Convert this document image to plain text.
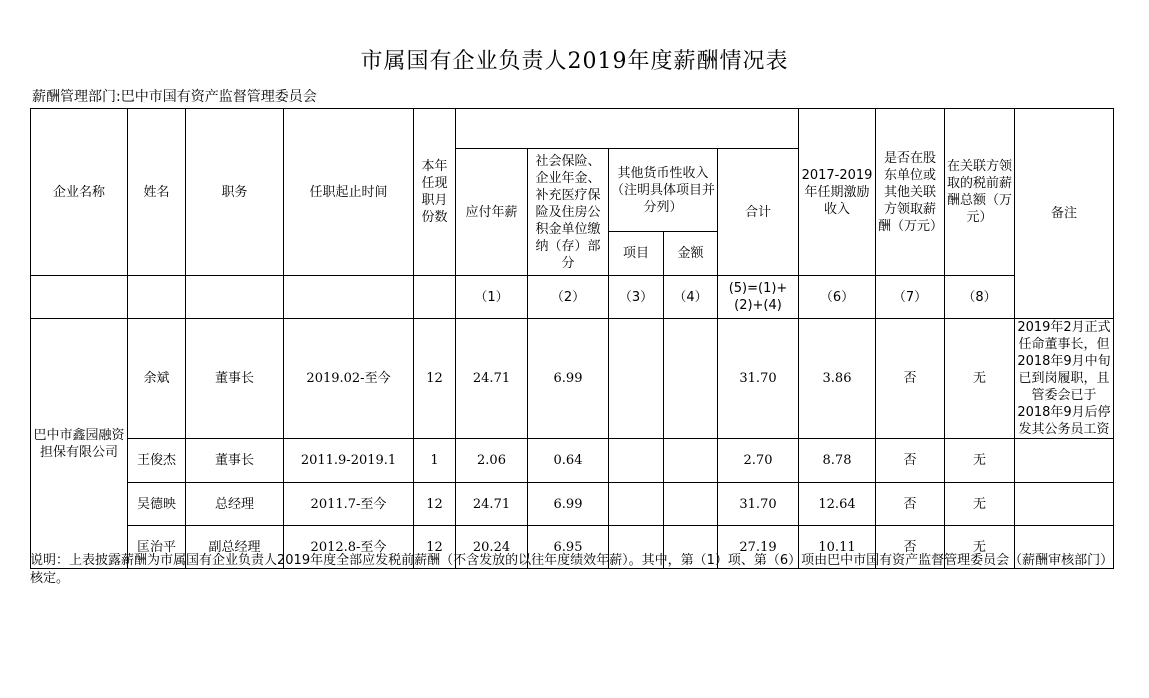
市属国有企业负责人2019年度薪酬情况表
薪酬管理部门:巴中市国有资产监督管理委员会
企业名称	姓名	职务	任职起止时间	本年任现职月份数						2017-2019年任期激励收入	是否在股东单位或其他关联方领取薪酬（万元）	在关联方领取的税前薪酬总额（万元）	备注
					应付年薪	社会保险、企业年金、补充医疗保险及住房公积金单位缴纳（存）部分	其他货币性收入（注明具体项目并分列）		合计				
							项目	金额					
					（1）	（2）	（3）	（4）	(5)=(1)+(2)+(4)	（6）	（7）	（8）	
巴中市鑫园融资担保有限公司	余斌	董事长	2019.02-至今	12	24.71	6.99			31.70	3.86	否	无	2019年2月正式任命董事长，但2018年9月中旬已到岗履职，且管委会已于2018年9月后停发其公务员工资
	王俊杰	董事长	2011.9-2019.1	1	2.06	0.64			2.70	8.78	否	无	
	吴德映	总经理	2011.7-至今	12	24.71	6.99			31.70	12.64	否	无	
	匡治平	副总经理	2012.8-至今	12	20.24	6.95			27.19	10.11	否	无	
说明：上表披露薪酬为市属国有企业负责人2019年度全部应发税前薪酬（不含发放的以往年度绩效年薪）。其中，第（1）项、第（6）项由巴中市国有资产监督管理委员会（薪酬审核部门）核定。
